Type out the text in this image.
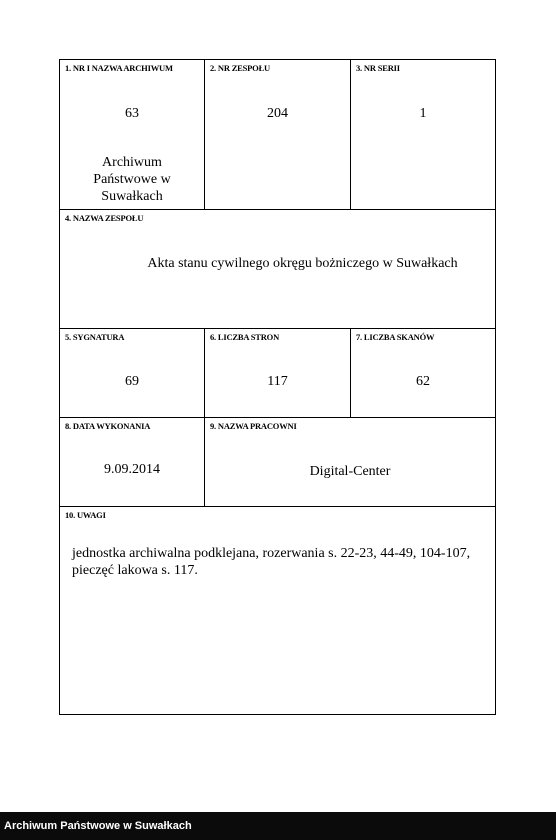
1. NR I NAZWA ARCHIWUM
63
Archiwum Państwowe w Suwałkach
2. NR ZESPOŁU
204
3. NR SERII
1
4. NAZWA ZESPOŁU
Akta stanu cywilnego okręgu bożniczego w Suwałkach
5. SYGNATURA
69
6. LICZBA STRON
117
7. LICZBA SKANÓW
62
8. DATA WYKONANIA
9.09.2014
9. NAZWA PRACOWNI
Digital-Center
10. UWAGI
jednostka archiwalna podklejana, rozerwania s. 22-23, 44-49, 104-107, pieczęć lakowa s. 117.
Archiwum Państwowe w Suwałkach
